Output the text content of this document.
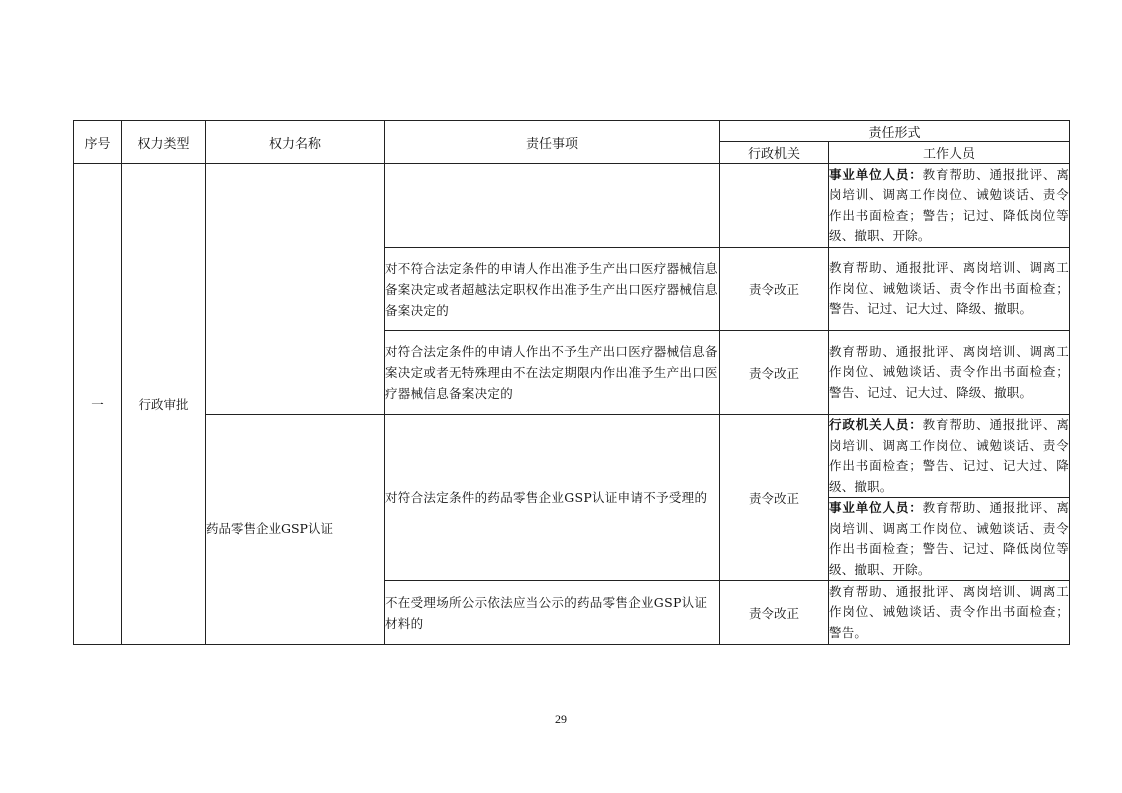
序号	权力类型	权力名称	责任事项	责任形式	
				行政机关	工作人员
一	行政审批				事业单位人员：教育帮助、通报批评、离岗培训、调离工作岗位、诫勉谈话、责令作出书面检查；警告；记过、降低岗位等级、撤职、开除。
			对不符合法定条件的申请人作出准予生产出口医疗器械信息备案决定或者超越法定职权作出准予生产出口医疗器械信息备案决定的	责令改正	教育帮助、通报批评、离岗培训、调离工作岗位、诫勉谈话、责令作出书面检查；警告、记过、记大过、降级、撤职。
			对符合法定条件的申请人作出不予生产出口医疗器械信息备案决定或者无特殊理由不在法定期限内作出准予生产出口医疗器械信息备案决定的	责令改正	教育帮助、通报批评、离岗培训、调离工作岗位、诫勉谈话、责令作出书面检查；警告、记过、记大过、降级、撤职。
		药品零售企业GSP认证	对符合法定条件的药品零售企业GSP认证申请不予受理的	责令改正	行政机关人员：教育帮助、通报批评、离岗培训、调离工作岗位、诫勉谈话、责令作出书面检查；警告、记过、记大过、降级、撤职。
					事业单位人员：教育帮助、通报批评、离岗培训、调离工作岗位、诫勉谈话、责令作出书面检查；警告、记过、降低岗位等级、撤职、开除。
			不在受理场所公示依法应当公示的药品零售企业GSP认证材料的	责令改正	教育帮助、通报批评、离岗培训、调离工作岗位、诫勉谈话、责令作出书面检查；警告。
29
